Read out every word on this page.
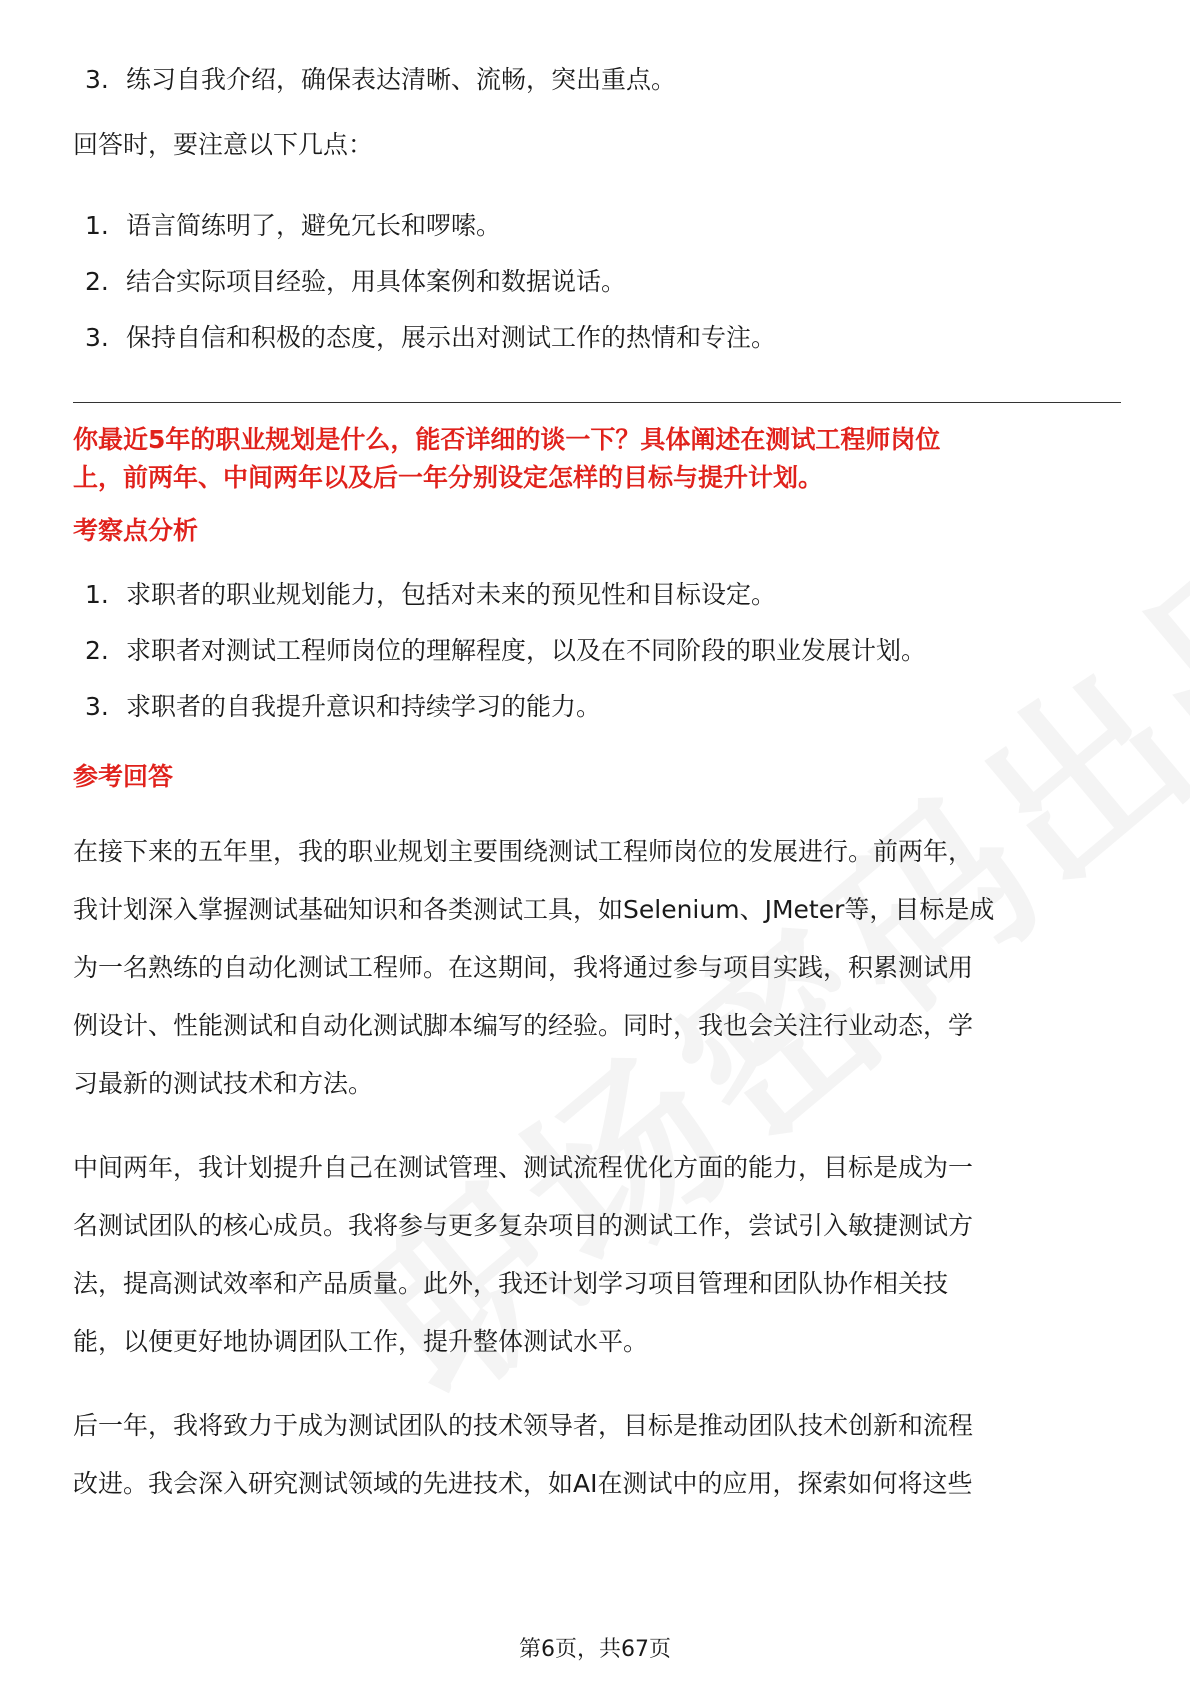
3. 练习自我介绍，确保表达清晰、流畅，突出重点。

回答时，要注意以下几点：

1. 语言简练明了，避免冗长和啰嗦。
2. 结合实际项目经验，用具体案例和数据说话。
3. 保持自信和积极的态度，展示出对测试工作的热情和专注。
你最近5年的职业规划是什么，能否详细的谈一下？具体阐述在测试工程师岗位
上，前两年、中间两年以及后一年分别设定怎样的目标与提升计划。
考察点分析
1. 求职者的职业规划能力，包括对未来的预见性和目标设定。
2. 求职者对测试工程师岗位的理解程度，以及在不同阶段的职业发展计划。
3. 求职者的自我提升意识和持续学习的能力。
参考回答

在接下来的五年里，我的职业规划主要围绕测试工程师岗位的发展进行。前两年，

我计划深入掌握测试基础知识和各类测试工具，如Selenium、JMeter等，目标是成

为一名熟练的自动化测试工程师。在这期间，我将通过参与项目实践，积累测试用

例设计、性能测试和自动化测试脚本编写的经验。同时，我也会关注行业动态，学

习最新的测试技术和方法。

中间两年，我计划提升自己在测试管理、测试流程优化方面的能力，目标是成为一

名测试团队的核心成员。我将参与更多复杂项目的测试工作，尝试引入敏捷测试方

法，提高测试效率和产品质量。此外，我还计划学习项目管理和团队协作相关技

能，以便更好地协调团队工作，提升整体测试水平。

后一年，我将致力于成为测试团队的技术领导者，目标是推动团队技术创新和流程

改进。我会深入研究测试领域的先进技术，如AI在测试中的应用，探索如何将这些

第6页，共67页
